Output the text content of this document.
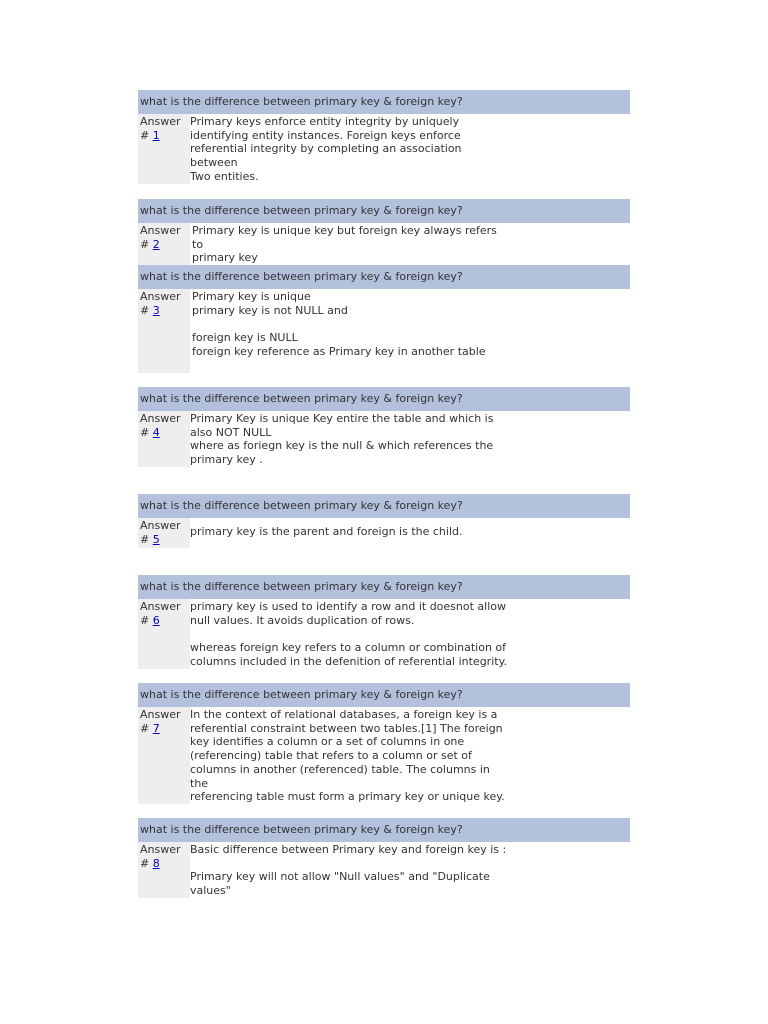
what is the difference between primary key & foreign key?
Answer
# 1
Primary keys enforce entity integrity by uniquely
identifying entity instances. Foreign keys enforce
referential integrity by completing an association
between
Two entities.
what is the difference between primary key & foreign key?
Answer
# 2
Primary key is unique key but foreign key always refers
to
primary key
what is the difference between primary key & foreign key?
Answer
# 3
Primary key is unique
primary key is not NULL and

foreign key is NULL
foreign key reference as Primary key in another table
what is the difference between primary key & foreign key?
Answer
# 4
Primary Key is unique Key entire the table and which is
also NOT NULL
where as foriegn key is the null & which references the
primary key .
what is the difference between primary key & foreign key?
Answer
# 5
primary key is the parent and foreign is the child.
what is the difference between primary key & foreign key?
Answer
# 6
primary key is used to identify a row and it doesnot allow
null values. It avoids duplication of rows.

whereas foreign key refers to a column or combination of
columns included in the defenition of referential integrity.
what is the difference between primary key & foreign key?
Answer
# 7
In the context of relational databases, a foreign key is a
referential constraint between two tables.[1] The foreign
key identifies a column or a set of columns in one
(referencing) table that refers to a column or set of
columns in another (referenced) table. The columns in
the
referencing table must form a primary key or unique key.
what is the difference between primary key & foreign key?
Answer
# 8
Basic difference between Primary key and foreign key is :

Primary key will not allow "Null values" and "Duplicate
values"
